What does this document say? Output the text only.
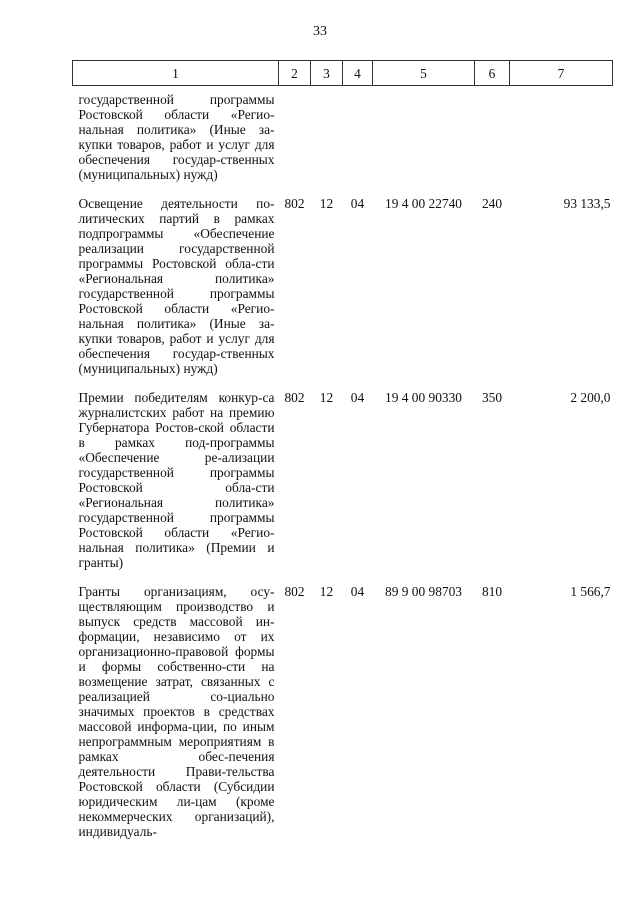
33
1	2	3	4	5	6	7
государственной программы Ростовской области «Регио-нальная политика» (Иные за-купки товаров, работ и услуг для обеспечения государ-ственных (муниципальных) нужд)						

Освещение деятельности по-литических партий в рамках подпрограммы «Обеспечение реализации государственной программы Ростовской обла-сти «Региональная политика» государственной программы Ростовской области «Регио-нальная политика» (Иные за-купки товаров, работ и услуг для обеспечения государ-ственных (муниципальных) нужд)	802	12	04	19 4 00 22740	240	93 133,5

Премии победителям конкур-са журналистских работ на премию Губернатора Ростов-ской области в рамках под-программы «Обеспечение ре-ализации государственной программы Ростовской обла-сти «Региональная политика» государственной программы Ростовской области «Регио-нальная политика» (Премии и гранты)	802	12	04	19 4 00 90330	350	2 200,0

Гранты организациям, осу-ществляющим производство и выпуск средств массовой ин-формации, независимо от их организационно-правовой формы и формы собственно-сти на возмещение затрат, связанных с реализацией со-циально значимых проектов в средствах массовой информа-ции, по иным непрограммным мероприятиям в рамках обес-печения деятельности Прави-тельства Ростовской области (Субсидии юридическим ли-цам (кроме некоммерческих организаций), индивидуаль-	802	12	04	89 9 00 98703	810	1 566,7
